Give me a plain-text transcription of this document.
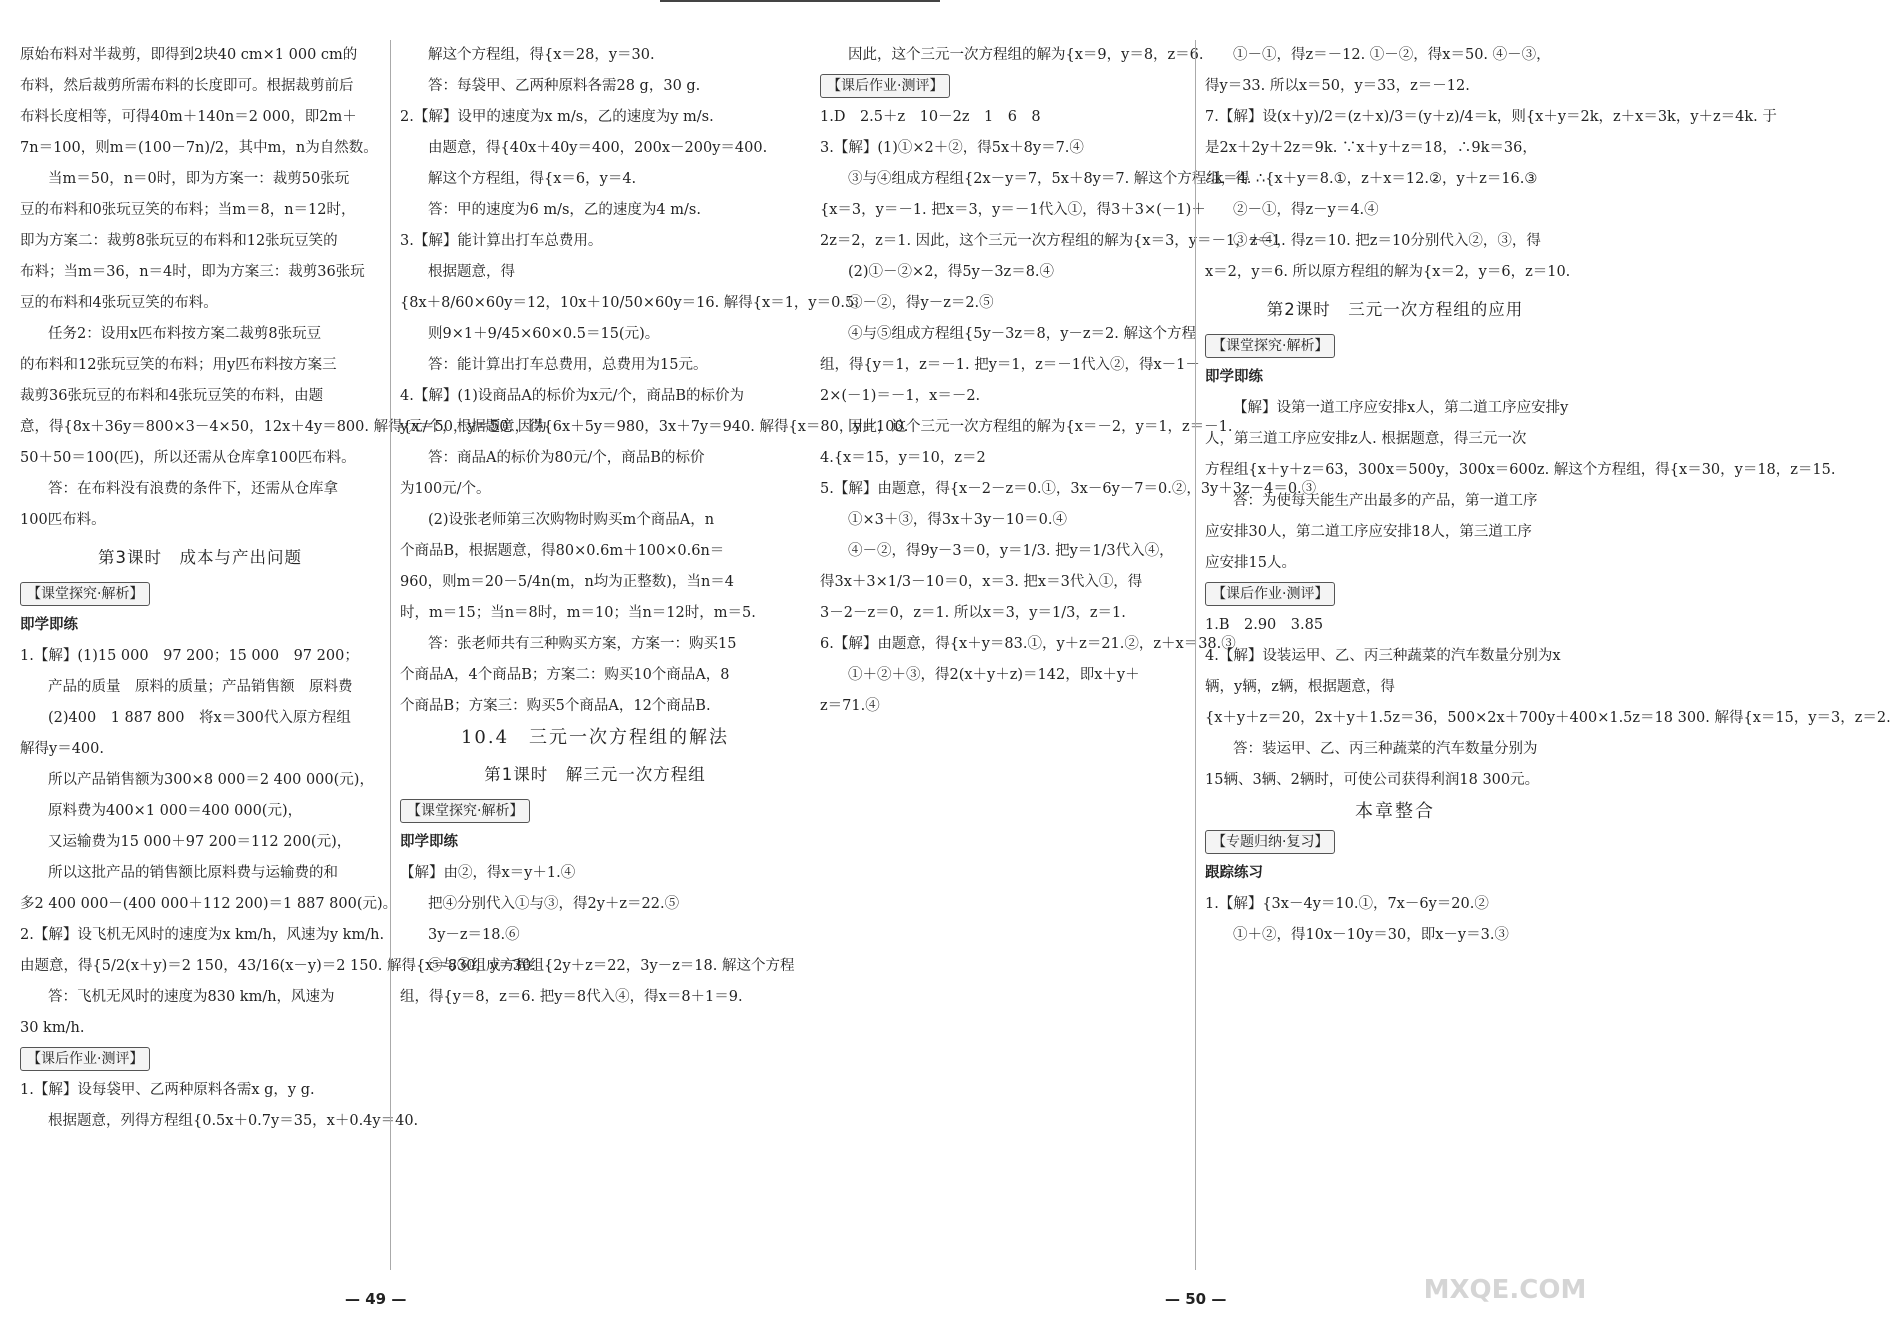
原始布料对半裁剪，即得到2块40 cm×1 000 cm的

布料，然后裁剪所需布料的长度即可。根据裁剪前后

布料长度相等，可得40m＋140n＝2 000，即2m＋

7n＝100，则m＝(100－7n)/2，其中m，n为自然数。

当m＝50，n＝0时，即为方案一：裁剪50张玩

豆的布料和0张玩豆笑的布料；当m＝8，n＝12时，

即为方案二：裁剪8张玩豆的布料和12张玩豆笑的

布料；当m＝36，n＝4时，即为方案三：裁剪36张玩

豆的布料和4张玩豆笑的布料。

任务2：设用x匹布料按方案二裁剪8张玩豆

的布料和12张玩豆笑的布料；用y匹布料按方案三

裁剪36张玩豆的布料和4张玩豆笑的布料，由题

意，得{8x＋36y＝800×3－4×50，12x＋4y＝800. 解得{x＝50，y＝50. 因为

50＋50＝100(匹)，所以还需从仓库拿100匹布料。

答：在布料没有浪费的条件下，还需从仓库拿

100匹布料。

第3课时　成本与产出问题

【课堂探究·解析】

即学即练

1.【解】(1)15 000　97 200；15 000　97 200；

产品的质量　原料的质量；产品销售额　原料费

(2)400　1 887 800　将x＝300代入原方程组

解得y＝400.

所以产品销售额为300×8 000＝2 400 000(元)，

原料费为400×1 000＝400 000(元)，

又运输费为15 000＋97 200＝112 200(元)，

所以这批产品的销售额比原料费与运输费的和

多2 400 000－(400 000＋112 200)＝1 887 800(元)。

2.【解】设飞机无风时的速度为x km/h，风速为y km/h.

由题意，得{5/2(x＋y)＝2 150，43/16(x－y)＝2 150. 解得{x＝830，y＝30.

答：飞机无风时的速度为830 km/h，风速为

30 km/h.

【课后作业·测评】

1.【解】设每袋甲、乙两种原料各需x g，y g.

根据题意，列得方程组{0.5x＋0.7y＝35，x＋0.4y＝40.

解这个方程组，得{x＝28，y＝30.

答：每袋甲、乙两种原料各需28 g，30 g.

2.【解】设甲的速度为x m/s，乙的速度为y m/s.

由题意，得{40x＋40y＝400，200x－200y＝400.

解这个方程组，得{x＝6，y＝4.

答：甲的速度为6 m/s，乙的速度为4 m/s.

3.【解】能计算出打车总费用。

根据题意，得

{8x＋8/60×60y＝12，10x＋10/50×60y＝16. 解得{x＝1，y＝0.5.

则9×1＋9/45×60×0.5＝15(元)。

答：能计算出打车总费用，总费用为15元。

4.【解】(1)设商品A的标价为x元/个，商品B的标价为

y元/个，根据题意，得{6x＋5y＝980，3x＋7y＝940. 解得{x＝80，y＝100.

答：商品A的标价为80元/个，商品B的标价

为100元/个。

(2)设张老师第三次购物时购买m个商品A，n

个商品B，根据题意，得80×0.6m＋100×0.6n＝

960，则m＝20－5/4n(m，n均为正整数)，当n＝4

时，m＝15；当n＝8时，m＝10；当n＝12时，m＝5.

答：张老师共有三种购买方案，方案一：购买15

个商品A，4个商品B；方案二：购买10个商品A，8

个商品B；方案三：购买5个商品A，12个商品B.

10.4　三元一次方程组的解法

第1课时　解三元一次方程组

【课堂探究·解析】

即学即练

【解】由②，得x＝y＋1.④

把④分别代入①与③，得2y＋z＝22.⑤

3y－z＝18.⑥

⑤与⑥组成方程组{2y＋z＝22，3y－z＝18. 解这个方程

组，得{y＝8，z＝6. 把y＝8代入④，得x＝8＋1＝9.

因此，这个三元一次方程组的解为{x＝9，y＝8，z＝6.

【课后作业·测评】

1.D　2.5＋z　10－2z　1　6　8

3.【解】(1)①×2＋②，得5x＋8y＝7.④

③与④组成方程组{2x－y＝7，5x＋8y＝7. 解这个方程组，得

{x＝3，y＝－1. 把x＝3，y＝－1代入①，得3＋3×(－1)＋

2z＝2，z＝1. 因此，这个三元一次方程组的解为{x＝3，y＝－1，z＝1.

(2)①－②×2，得5y－3z＝8.④

③－②，得y－z＝2.⑤

④与⑤组成方程组{5y－3z＝8，y－z＝2. 解这个方程

组，得{y＝1，z＝－1. 把y＝1，z＝－1代入②，得x－1－

2×(－1)＝－1，x＝－2.

因此，这个三元一次方程组的解为{x＝－2，y＝1，z＝－1.

4.{x＝15，y＝10，z＝2

5.【解】由题意，得{x－2－z＝0.①，3x－6y－7＝0.②，3y＋3z－4＝0.③

①×3＋③，得3x＋3y－10＝0.④

④－②，得9y－3＝0，y＝1/3. 把y＝1/3代入④，

得3x＋3×1/3－10＝0，x＝3. 把x＝3代入①，得

3－2－z＝0，z＝1. 所以x＝3，y＝1/3，z＝1.

6.【解】由题意，得{x＋y＝83.①，y＋z＝21.②，z＋x＝38.③

①＋②＋③，得2(x＋y＋z)＝142，即x＋y＋

z＝71.④

①－①，得z＝－12. ①－②，得x＝50. ④－③，

得y＝33. 所以x＝50，y＝33，z＝－12.

7.【解】设(x＋y)/2＝(z＋x)/3＝(y＋z)/4＝k，则{x＋y＝2k，z＋x＝3k，y＋z＝4k. 于

是2x＋2y＋2z＝9k. ∵x＋y＋z＝18，∴9k＝36，

∴k＝4. ∴{x＋y＝8.①，z＋x＝12.②，y＋z＝16.③

②－①，得z－y＝4.④

③＋④，得z＝10. 把z＝10分别代入②，③，得

x＝2，y＝6. 所以原方程组的解为{x＝2，y＝6，z＝10.

第2课时　三元一次方程组的应用

【课堂探究·解析】

即学即练

【解】设第一道工序应安排x人，第二道工序应安排y

人，第三道工序应安排z人. 根据题意，得三元一次

方程组{x＋y＋z＝63，300x＝500y，300x＝600z. 解这个方程组，得{x＝30，y＝18，z＝15.

答：为使每天能生产出最多的产品，第一道工序

应安排30人，第二道工序应安排18人，第三道工序

应安排15人。

【课后作业·测评】

1.B　2.90　3.85

4.【解】设装运甲、乙、丙三种蔬菜的汽车数量分别为x

辆，y辆，z辆，根据题意，得

{x＋y＋z＝20，2x＋y＋1.5z＝36，500×2x＋700y＋400×1.5z＝18 300. 解得{x＝15，y＝3，z＝2.

答：装运甲、乙、丙三种蔬菜的汽车数量分别为

15辆、3辆、2辆时，可使公司获得利润18 300元。

本章整合

【专题归纳·复习】

跟踪练习

1.【解】{3x－4y＝10.①，7x－6y＝20.②

①＋②，得10x－10y＝30，即x－y＝3.③

— 49 —	— 50 —	MXQE.COM
